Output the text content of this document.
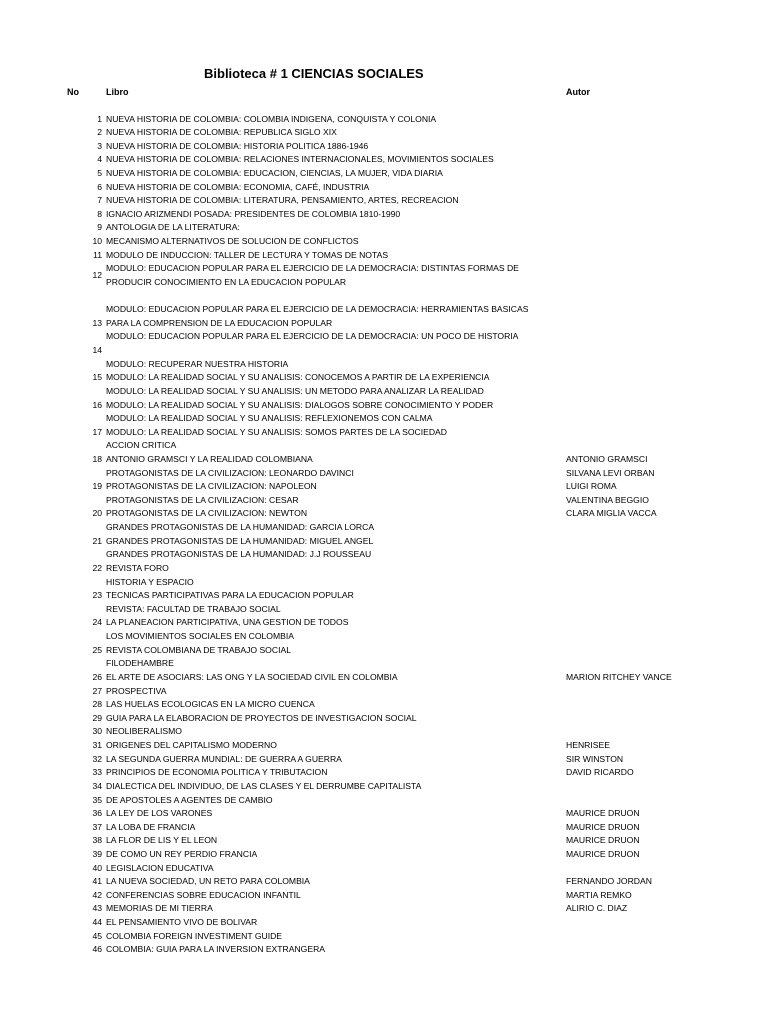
Biblioteca # 1 CIENCIAS SOCIALES
No	Libro	Autor
1 NUEVA HISTORIA DE COLOMBIA: COLOMBIA INDIGENA, CONQUISTA Y COLONIA
2 NUEVA HISTORIA DE COLOMBIA: REPUBLICA SIGLO XIX
3 NUEVA HISTORIA DE COLOMBIA: HISTORIA POLITICA 1886-1946
4 NUEVA HISTORIA DE COLOMBIA: RELACIONES INTERNACIONALES, MOVIMIENTOS SOCIALES
5 NUEVA HISTORIA DE COLOMBIA: EDUCACION, CIENCIAS, LA MUJER, VIDA DIARIA
6 NUEVA HISTORIA DE COLOMBIA: ECONOMIA, CAFÉ, INDUSTRIA
7 NUEVA HISTORIA DE COLOMBIA: LITERATURA, PENSAMIENTO, ARTES, RECREACION
8 IGNACIO ARIZMENDI POSADA: PRESIDENTES DE COLOMBIA 1810-1990
9 ANTOLOGIA DE LA LITERATURA:
10 MECANISMO ALTERNATIVOS DE SOLUCION DE CONFLICTOS
11 MODULO DE INDUCCION: TALLER DE LECTURA Y TOMAS DE NOTAS
MODULO: EDUCACION POPULAR PARA EL EJERCICIO DE LA DEMOCRACIA: DISTINTAS FORMAS DE
12
PRODUCIR CONOCIMIENTO EN LA EDUCACION POPULAR
MODULO: EDUCACION POPULAR PARA EL EJERCICIO DE LA DEMOCRACIA: HERRAMIENTAS BASICAS
13 PARA LA COMPRENSION DE LA EDUCACION POPULAR
MODULO: EDUCACION POPULAR PARA EL EJERCICIO DE LA DEMOCRACIA: UN POCO DE HISTORIA
14
MODULO: RECUPERAR NUESTRA HISTORIA
15 MODULO: LA REALIDAD SOCIAL Y SU ANALISIS: CONOCEMOS A PARTIR DE LA EXPERIENCIA
MODULO: LA REALIDAD SOCIAL Y SU ANALISIS: UN METODO PARA ANALIZAR LA REALIDAD
16 MODULO: LA REALIDAD SOCIAL Y SU ANALISIS: DIALOGOS SOBRE CONOCIMIENTO Y PODER
MODULO: LA REALIDAD SOCIAL Y SU ANALISIS: REFLEXIONEMOS CON CALMA
17 MODULO: LA REALIDAD SOCIAL Y SU ANALISIS: SOMOS PARTES DE LA SOCIEDAD
ACCION CRITICA
18 ANTONIO GRAMSCI Y LA REALIDAD COLOMBIANA	ANTONIO GRAMSCI
PROTAGONISTAS DE LA CIVILIZACION: LEONARDO DAVINCI	SILVANA LEVI ORBAN
19 PROTAGONISTAS DE LA CIVILIZACION: NAPOLEON	LUIGI ROMA
PROTAGONISTAS DE LA CIVILIZACION: CESAR	VALENTINA BEGGIO
20 PROTAGONISTAS DE LA CIVILIZACION: NEWTON	CLARA MIGLIA VACCA
GRANDES PROTAGONISTAS DE LA HUMANIDAD: GARCIA LORCA
21 GRANDES PROTAGONISTAS DE LA HUMANIDAD: MIGUEL ANGEL
GRANDES PROTAGONISTAS DE LA HUMANIDAD: J.J ROUSSEAU
22 REVISTA FORO
HISTORIA Y ESPACIO
23 TECNICAS PARTICIPATIVAS PARA LA EDUCACION POPULAR
REVISTA: FACULTAD DE TRABAJO SOCIAL
24 LA PLANEACION PARTICIPATIVA, UNA GESTION DE TODOS
LOS MOVIMIENTOS SOCIALES EN COLOMBIA
25 REVISTA COLOMBIANA DE TRABAJO SOCIAL
FILODEHAMBRE
26 EL ARTE DE ASOCIARS: LAS ONG Y LA SOCIEDAD CIVIL EN COLOMBIA	MARION RITCHEY VANCE
27 PROSPECTIVA
28 LAS HUELAS ECOLOGICAS EN LA MICRO CUENCA
29 GUIA PARA LA ELABORACION DE PROYECTOS DE INVESTIGACION SOCIAL
30 NEOLIBERALISMO
31 ORIGENES DEL CAPITALISMO MODERNO	HENRISEE
32 LA SEGUNDA GUERRA MUNDIAL: DE GUERRA A GUERRA	SIR WINSTON
33 PRINCIPIOS DE ECONOMIA POLITICA Y TRIBUTACION	DAVID RICARDO
34 DIALECTICA DEL INDIVIDUO, DE LAS CLASES Y EL DERRUMBE CAPITALISTA
35 DE APOSTOLES A AGENTES DE CAMBIO
36 LA LEY DE LOS VARONES	MAURICE DRUON
37 LA LOBA DE FRANCIA	MAURICE DRUON
38 LA FLOR DE LIS Y EL LEON	MAURICE DRUON
39 DE COMO UN REY PERDIO FRANCIA	MAURICE DRUON
40 LEGISLACION EDUCATIVA
41 LA NUEVA SOCIEDAD, UN RETO PARA COLOMBIA	FERNANDO JORDAN
42 CONFERENCIAS SOBRE EDUCACION INFANTIL	MARTIA REMKO
43 MEMORIAS DE MI TIERRA	ALIRIO C. DIAZ
44 EL PENSAMIENTO VIVO DE BOLIVAR
45 COLOMBIA FOREIGN INVESTIMENT GUIDE
46 COLOMBIA: GUIA PARA LA INVERSION EXTRANGERA
